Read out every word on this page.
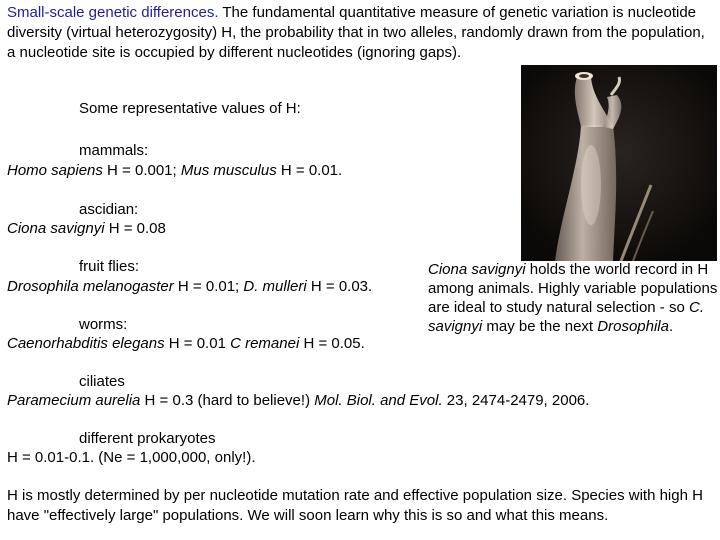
Small-scale genetic differences. The fundamental quantitative measure of genetic variation is nucleotide diversity (virtual heterozygosity) H, the probability that in two alleles, randomly drawn from the population, a nucleotide site is occupied by different nucleotides (ignoring gaps).
Some representative values of H:
mammals:
Homo sapiens H = 0.001; Mus musculus H = 0.01.
ascidian:
Ciona savignyi H = 0.08
fruit flies:
Drosophila melanogaster H = 0.01; D. mulleri H = 0.03.
worms:
Caenorhabditis elegans H = 0.01 C remanei H = 0.05.
ciliates
Paramecium aurelia H = 0.3 (hard to believe!) Mol. Biol. and Evol. 23, 2474-2479, 2006.
different prokaryotes
H = 0.01-0.1. (Ne = 1,000,000, only!).
Ciona savignyi holds the world record in H among animals. Highly variable populations are ideal to study natural selection - so C. savignyi may be the next Drosophila.
H is mostly determined by per nucleotide mutation rate and effective population size. Species with high H have "effectively large" populations. We will soon learn why this is so and what this means.
